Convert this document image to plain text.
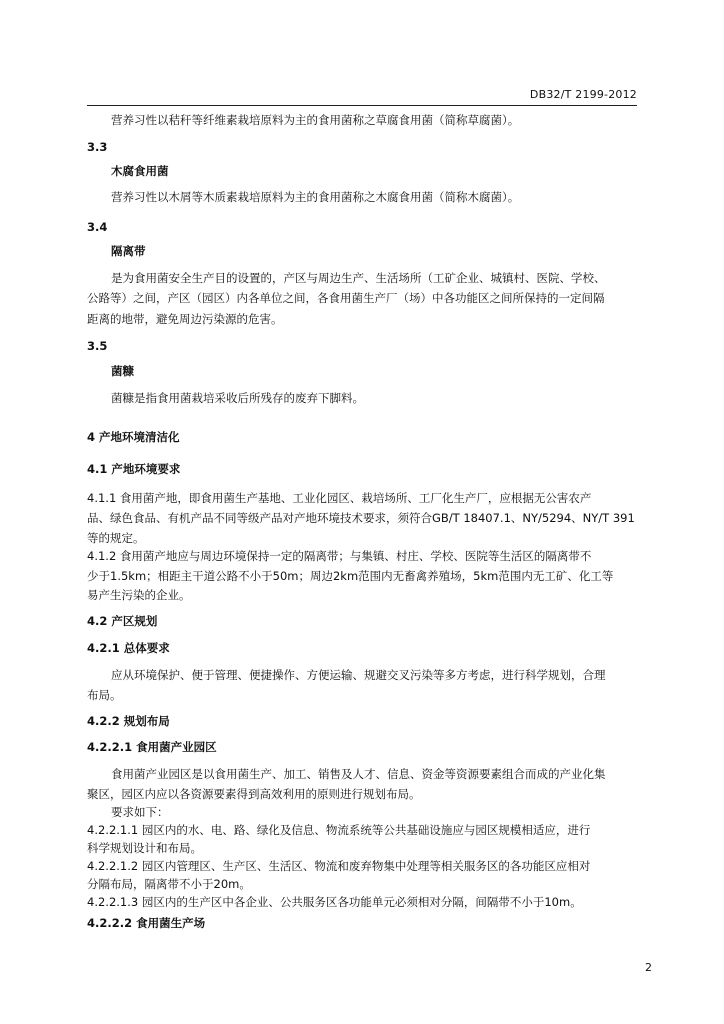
DB32/T 2199-2012
营养习性以秸秆等纤维素栽培原料为主的食用菌称之草腐食用菌（简称草腐菌）。
3.3
木腐食用菌
营养习性以木屑等木质素栽培原料为主的食用菌称之木腐食用菌（简称木腐菌）。
3.4
隔离带
是为食用菌安全生产目的设置的，产区与周边生产、生活场所（工矿企业、城镇村、医院、学校、
公路等）之间，产区（园区）内各单位之间，各食用菌生产厂（场）中各功能区之间所保持的一定间隔
距离的地带，避免周边污染源的危害。
3.5
菌糠
菌糠是指食用菌栽培采收后所残存的废弃下脚料。
4 产地环境清洁化
4.1 产地环境要求
4.1.1 食用菌产地，即食用菌生产基地、工业化园区、栽培场所、工厂化生产厂，应根据无公害农产
品、绿色食品、有机产品不同等级产品对产地环境技术要求，须符合GB/T 18407.1、NY/5294、NY/T 391
等的规定。
4.1.2 食用菌产地应与周边环境保持一定的隔离带；与集镇、村庄、学校、医院等生活区的隔离带不
少于1.5km；相距主干道公路不小于50m；周边2km范围内无畜禽养殖场，5km范围内无工矿、化工等
易产生污染的企业。
4.2 产区规划
4.2.1 总体要求
应从环境保护、便于管理、便捷操作、方便运输、规避交叉污染等多方考虑，进行科学规划，合理
布局。
4.2.2 规划布局
4.2.2.1 食用菌产业园区
食用菌产业园区是以食用菌生产、加工、销售及人才、信息、资金等资源要素组合而成的产业化集
聚区，园区内应以各资源要素得到高效利用的原则进行规划布局。
要求如下：
4.2.2.1.1 园区内的水、电、路、绿化及信息、物流系统等公共基础设施应与园区规模相适应，进行
科学规划设计和布局。
4.2.2.1.2 园区内管理区、生产区、生活区、物流和废弃物集中处理等相关服务区的各功能区应相对
分隔布局，隔离带不小于20m。
4.2.2.1.3 园区内的生产区中各企业、公共服务区各功能单元必须相对分隔，间隔带不小于10m。
4.2.2.2 食用菌生产场
2
